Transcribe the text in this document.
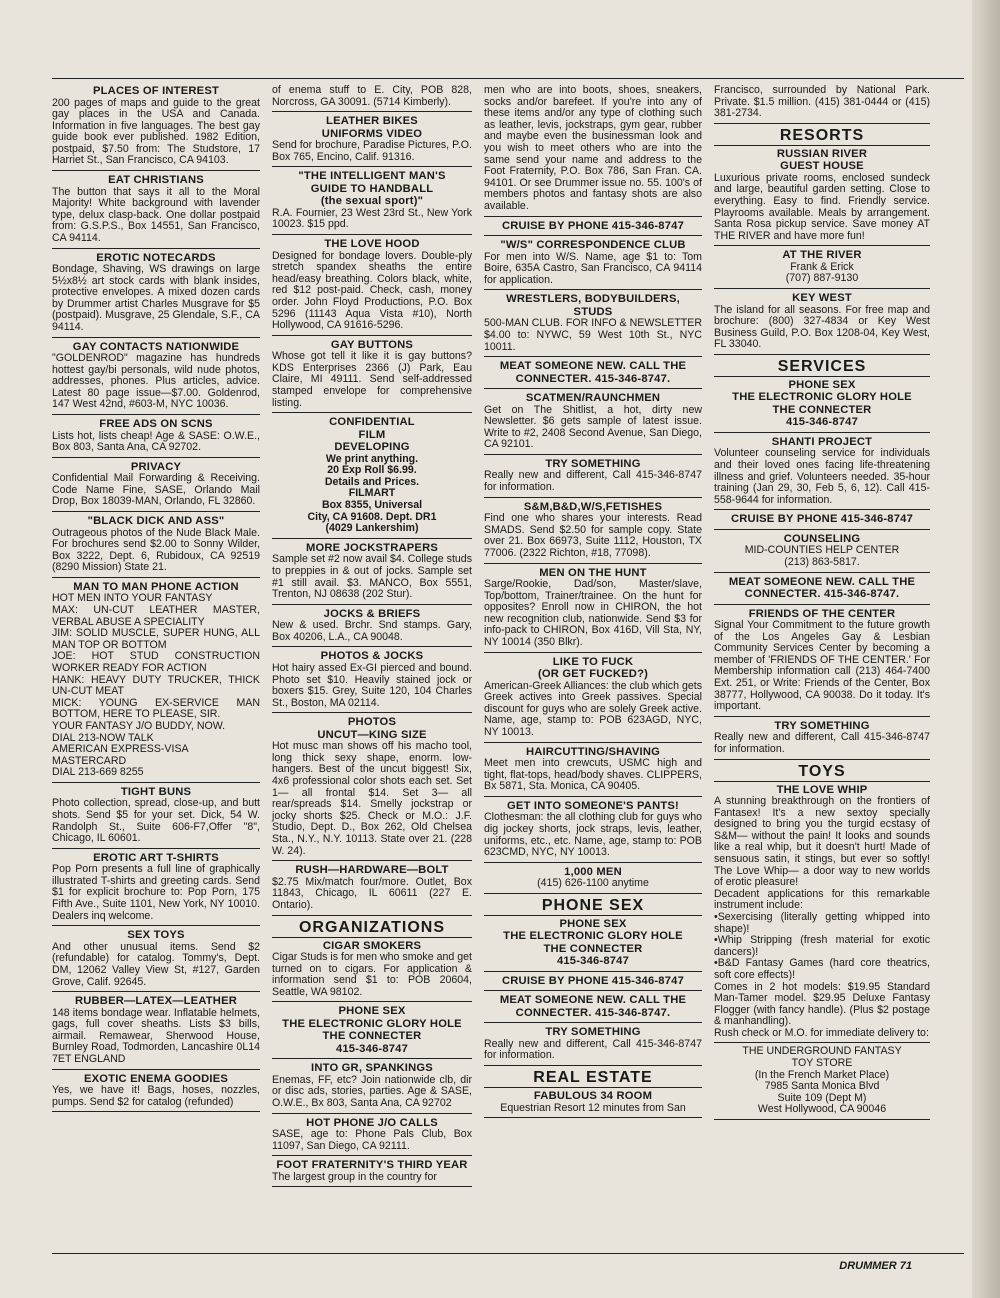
PLACES OF INTEREST

200 pages of maps and guide to the great gay places in the USA and Canada. Information in five languages. The best gay guide book ever published. 1982 Edition, postpaid, $7.50 from: The Studstore, 17 Harriet St., San Francisco, CA 94103.

EAT CHRISTIANS

The button that says it all to the Moral Majority! White background with lavender type, delux clasp-back. One dollar postpaid from: G.S.P.S., Box 14551, San Francisco, CA 94114.

EROTIC NOTECARDS

Bondage, Shaving, WS drawings on large 5½x8½ art stock cards with blank insides, protective envelopes. A mixed dozen cards by Drummer artist Charles Musgrave for $5 (postpaid). Musgrave, 25 Glendale, S.F., CA 94114.

GAY CONTACTS NATIONWIDE

"GOLDENROD" magazine has hundreds hottest gay/bi personals, wild nude photos, addresses, phones. Plus articles, advice. Latest 80 page issue—$7.00. Goldenrod, 147 West 42nd, #603-M, NYC 10036.

FREE ADS ON SCNS

Lists hot, lists cheap! Age & SASE: O.W.E., Box 803, Santa Ana, CA 92702.

PRIVACY

Confidential Mail Forwarding & Receiving. Code Name Fine, SASE, Orlando Mail Drop, Box 18039-MAN, Orlando, FL 32860.

"BLACK DICK AND ASS"

Outrageous photos of the Nude Black Male. For brochures send $2.00 to Sonny Wilder, Box 3222, Dept. 6, Rubidoux, CA 92519 (8290 Mission) State 21.

MAN TO MAN PHONE ACTION

HOT MEN INTO YOUR FANTASY
MAX: UN-CUT LEATHER MASTER, VERBAL ABUSE A SPECIALITY
JIM: SOLID MUSCLE, SUPER HUNG, ALL MAN TOP OR BOTTOM
JOE: HOT STUD CONSTRUCTION WORKER READY FOR ACTION
HANK: HEAVY DUTY TRUCKER, THICK UN-CUT MEAT
MICK: YOUNG EX-SERVICE MAN BOTTOM, HERE TO PLEASE, SIR.
YOUR FANTASY J/O BUDDY, NOW.
DIAL 213-NOW TALK
AMERICAN EXPRESS-VISA
MASTERCARD
DIAL 213-669 8255

TIGHT BUNS

Photo collection, spread, close-up, and butt shots. Send $5 for your set. Dick, 54 W. Randolph St., Suite 606-F7,Offer "8", Chicago, IL 60601.

EROTIC ART T-SHIRTS

Pop Porn presents a full line of graphically illustrated T-shirts and greeting cards. Send $1 for explicit brochure to: Pop Porn, 175 Fifth Ave., Suite 1101, New York, NY 10010. Dealers inq welcome.

SEX TOYS

And other unusual items. Send $2 (refundable) for catalog. Tommy's, Dept. DM, 12062 Valley View St, #127, Garden Grove, Calif. 92645.

RUBBER—LATEX—LEATHER

148 items bondage wear. Inflatable helmets, gags, full cover sheaths. Lists $3 bills, airmail. Remawear, Sherwood House, Burnley Road, Todmorden, Lancashire 0L14 7ET ENGLAND

EXOTIC ENEMA GOODIES

Yes, we have it! Bags, hoses, nozzles, pumps. Send $2 for catalog (refunded)

of enema stuff to E. City, POB 828, Norcross, GA 30091. (5714 Kimberly).

LEATHER BIKES
UNIFORMS VIDEO

Send for brochure, Paradise Pictures, P.O. Box 765, Encino, Calif. 91316.

"THE INTELLIGENT MAN'S
GUIDE TO HANDBALL
(the sexual sport)"

R.A. Fournier, 23 West 23rd St., New York 10023. $15 ppd.

THE LOVE HOOD

Designed for bondage lovers. Double-ply stretch spandex sheaths the entire head/easy breathing. Colors black, white, red $12 post-paid. Check, cash, money order. John Floyd Productions, P.O. Box 5296 (11143 Aqua Vista #10), North Hollywood, CA 91616-5296.

GAY BUTTONS

Whose got tell it like it is gay buttons? KDS Enterprises 2366 (J) Park, Eau Claire, MI 49111. Send self-addressed stamped envelope for comprehensive listing.

CONFIDENTIAL
FILM
DEVELOPING

We print anything.
20 Exp Roll $6.99.
Details and Prices.
FILMART
Box 8355, Universal
City, CA 91608. Dept. DR1
(4029 Lankershim)

MORE JOCKSTRAPERS

Sample set #2 now avail $4. College studs to preppies in & out of jocks. Sample set #1 still avail. $3. MANCO, Box 5551, Trenton, NJ 08638 (202 Stur).

JOCKS & BRIEFS

New & used. Brchr. Snd stamps. Gary, Box 40206, L.A., CA 90048.

PHOTOS & JOCKS

Hot hairy assed Ex-GI pierced and bound. Photo set $10. Heavily stained jock or boxers $15. Grey, Suite 120, 104 Charles St., Boston, MA 02114.

PHOTOS
UNCUT—KING SIZE

Hot musc man shows off his macho tool, long thick sexy shape, enorm. low-hangers. Best of the uncut biggest! Six, 4x6 professional color shots each set. Set 1— all frontal $14. Set 3— all rear/spreads $14. Smelly jockstrap or jocky shorts $25. Check or M.O.: J.F. Studio, Dept. D., Box 262, Old Chelsea Sta., N.Y., N.Y. 10113. State over 21. (228 W. 24).

RUSH—HARDWARE—BOLT

$2.75 Mix/match four/more. Outlet, Box 11843, Chicago, IL 60611 (227 E. Ontario).

ORGANIZATIONS
CIGAR SMOKERS

Cigar Studs is for men who smoke and get turned on to cigars. For application & information send $1 to: POB 20604, Seattle, WA 98102.

PHONE SEX
THE ELECTRONIC GLORY HOLE
THE CONNECTER
415-346-8747
INTO GR, SPANKINGS

Enemas, FF, etc? Join nationwide clb, dir or disc ads, stories, parties. Age & SASE, O.W.E., Bx 803, Santa Ana, CA 92702

HOT PHONE J/O CALLS

SASE, age to: Phone Pals Club, Box 11097, San Diego, CA 92111.

FOOT FRATERNITY'S THIRD YEAR

The largest group in the country for

men who are into boots, shoes, sneakers, socks and/or barefeet. If you're into any of these items and/or any type of clothing such as leather, levis, jockstraps, gym gear, rubber and maybe even the businessman look and you wish to meet others who are into the same send your name and address to the Foot Fraternity, P.O. Box 786, San Fran. CA. 94101. Or see Drummer issue no. 55. 100's of members photos and fantasy shots are also available.

CRUISE BY PHONE 415-346-8747
"W/S" CORRESPONDENCE CLUB

For men into W/S. Name, age $1 to: Tom Boire, 635A Castro, San Francisco, CA 94114 for application.

WRESTLERS, BODYBUILDERS,
STUDS

500-MAN CLUB. FOR INFO & NEWSLETTER $4.00 to: NYWC, 59 West 10th St., NYC 10011.

MEAT SOMEONE NEW. CALL THE CONNECTER. 415-346-8747.
SCATMEN/RAUNCHMEN

Get on The Shitlist, a hot, dirty new Newsletter. $6 gets sample of latest issue. Write to #2, 2408 Second Avenue, San Diego, CA 92101.

TRY SOMETHING

Really new and different, Call 415-346-8747 for information.

S&M,B&D,W/S,FETISHES

Find one who shares your interests. Read SMADS. Send $2.50 for sample copy. State over 21. Box 66973, Suite 1112, Houston, TX 77006. (2322 Richton, #18, 77098).

MEN ON THE HUNT

Sarge/Rookie, Dad/son, Master/slave, Top/bottom, Trainer/trainee. On the hunt for opposites? Enroll now in CHIRON, the hot new recognition club, nationwide. Send $3 for info-pack to CHIRON, Box 416D, Vill Sta, NY, NY 10014 (350 Blkr).

LIKE TO FUCK
(OR GET FUCKED?)

American-Greek Alliances: the club which gets Greek actives into Greek passives. Special discount for guys who are solely Greek active. Name, age, stamp to: POB 623AGD, NYC, NY 10013.

HAIRCUTTING/SHAVING

Meet men into crewcuts, USMC high and tight, flat-tops, head/body shaves. CLIPPERS, Bx 5871, Sta. Monica, CA 90405.

GET INTO SOMEONE'S PANTS!

Clothesman: the all clothing club for guys who dig jockey shorts, jock straps, levis, leather, uniforms, etc., etc. Name, age, stamp to: POB 623CMD, NYC, NY 10013.

1,000 MEN

(415) 626-1100 anytime

PHONE SEX
PHONE SEX
THE ELECTRONIC GLORY HOLE
THE CONNECTER
415-346-8747
CRUISE BY PHONE 415-346-8747
MEAT SOMEONE NEW. CALL THE CONNECTER. 415-346-8747.
TRY SOMETHING

Really new and different, Call 415-346-8747 for information.

REAL ESTATE
FABULOUS 34 ROOM

Equestrian Resort 12 minutes from San

Francisco, surrounded by National Park. Private. $1.5 million. (415) 381-0444 or (415) 381-2734.

RESORTS
RUSSIAN RIVER
GUEST HOUSE

Luxurious private rooms, enclosed sundeck and large, beautiful garden setting. Close to everything. Easy to find. Friendly service. Playrooms available. Meals by arrangement. Santa Rosa pickup service. Save money AT THE RIVER and have more fun!

AT THE RIVER

Frank & Erick
(707) 887-9130

KEY WEST

The island for all seasons. For free map and brochure: (800) 327-4834 or Key West Business Guild, P.O. Box 1208-04, Key West, FL 33040.

SERVICES
PHONE SEX
THE ELECTRONIC GLORY HOLE
THE CONNECTER
415-346-8747
SHANTI PROJECT

Volunteer counseling service for individuals and their loved ones facing life-threatening illness and grief. Volunteers needed. 35-hour training (Jan 29, 30, Feb 5, 6, 12). Call 415-558-9644 for information.

CRUISE BY PHONE 415-346-8747
COUNSELING

MID-COUNTIES HELP CENTER
(213) 863-5817.

MEAT SOMEONE NEW. CALL THE CONNECTER. 415-346-8747.
FRIENDS OF THE CENTER

Signal Your Commitment to the future growth of the Los Angeles Gay & Lesbian Community Services Center by becoming a member of 'FRIENDS OF THE CENTER.' For Membership information call (213) 464-7400 Ext. 251, or Write: Friends of the Center, Box 38777, Hollywood, CA 90038. Do it today. It's important.

TRY SOMETHING

Really new and different, Call 415-346-8747 for information.

TOYS
THE LOVE WHIP

A stunning breakthrough on the frontiers of Fantasex! It's a new sextoy specially designed to bring you the turgid ecstasy of S&M— without the pain! It looks and sounds like a real whip, but it doesn't hurt! Made of sensuous satin, it stings, but ever so softly! The Love Whip— a door way to new worlds of erotic pleasure!
Decadent applications for this remarkable instrument include:
•Sexercising (literally getting whipped into shape)!
•Whip Stripping (fresh material for exotic dancers)!
•B&D Fantasy Games (hard core theatrics, soft core effects)!
Comes in 2 hot models: $19.95 Standard Man-Tamer model. $29.95 Deluxe Fantasy Flogger (with fancy handle). (Plus $2 postage & manhandling).
Rush check or M.O. for immediate delivery to:

THE UNDERGROUND FANTASY
TOY STORE
(In the French Market Place)
7985 Santa Monica Blvd
Suite 109 (Dept M)
West Hollywood, CA 90046

DRUMMER 71
